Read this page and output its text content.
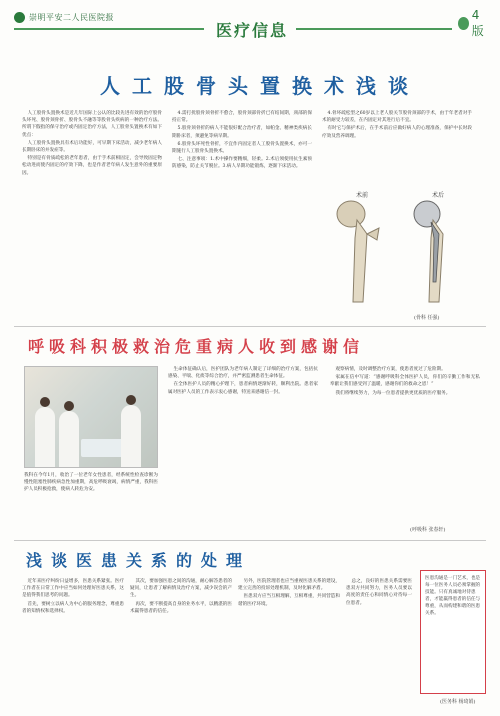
崇明平安二人民医院报
医疗信息
4版
人工股骨头置换术浅谈

人工股骨头置换术是近几年国际上公认的比较先进有效的治疗股骨头坏死、股骨颈骨折、股骨头不融等等股骨头疾病的一种治疗方法。所谓下假指的保守治疗或内固定治疗方法，人工股骨头置换术有如下优点：

人工股骨头置换具有术后功能好，可早期下床活动，减少老年病人长期卧床的并发症等。

特别是有骨质疏松的老年患者，由于手术前相固定，会导致固定物松动进而使内固定的疗效下降，也是作者老年病人发生意外的重要原因。

4.需打扰股骨颈骨折不愈合，股骨颈部骨折已有结间期，颈部的保持正常。

5.股骨颈骨折的病人不能很好配合治疗者，如帕金、精神类疾病长期卧床者，须避免等病早期。

6.股骨头坏死性骨折，不宜作内固定者人工股骨头置换术，亦可一期施行人工股骨头置换术。

七、注意事项：1.术中操作要精细，轻柔。2.术后须使用抗生素预防感染，防止关节脱位。3.病人早期功能锻炼，逐渐下床活动。

4.骨坏疏松型之60岁以上老人股关节股骨颈部的手术，由于年老者对手术的耐受力较差，在内固定对其进行后不宜。

有时它与保护术后，在手术前后应做好病人的心理准备，保护中长时段疗效及营养调理。

术前	术后
(骨科 任强)
呼吸科积极救治危重病人收到感谢信
我科在今年1月，收治了一位老年女性患者，经系统性检查诊断为慢性阻塞性肺疾病急性加重期，高危呼吸衰竭，病情严重，我科医护人员积极抢救，使病人转危为安。

生命体征确认后，医护团队为老年病人制定了详细的治疗方案，包括抗感染、平喘、化痰等综合治疗，并严密监测患者生命体征。

在全体医护人员的精心护理下，患者病情逐渐好转，顺利出院。患者家属对医护人员的工作表示衷心感谢，特送来感谢信一封。

观察病情，及时调整治疗方案，使患者度过了危险期。

家属在信中写道：“感谢呼吸科全体医护人员，你们的辛勤工作和无私奉献让我们感受到了温暖，感谢你们的救命之恩！”

我们将继续努力，为每一位患者提供更优质的医疗服务。

(呼吸科 张春轩)
浅谈医患关系的处理

近年来医疗纠纷日益增多，医患关系紧张。医疗工作者在日常工作中应当如何处理好医患关系，这是值得我们思考的问题。

首先，要树立以病人为中心的服务理念，尊重患者的知情权和选择权。

其次，要加强医患之间的沟通，耐心解答患者的疑问，让患者了解病情及治疗方案，减少误会的产生。

再次，要不断提高自身的业务水平，以精湛的医术赢得患者的信任。

另外，医院管理者也应当重视医患关系的建设，建立完善的投诉处理机制，及时化解矛盾。

医患双方应当互相理解，互相尊重，共同营造和谐的医疗环境。

总之，良好的医患关系需要医患双方共同努力，医务人员要以高度的责任心和同情心对待每一位患者。

医患沟通是一门艺术，也是每一位医务人员必须掌握的技能。只有真诚地对待患者，才能赢得患者的信任与尊重，从而构建和谐的医患关系。
(医务科 杨琦娟)
